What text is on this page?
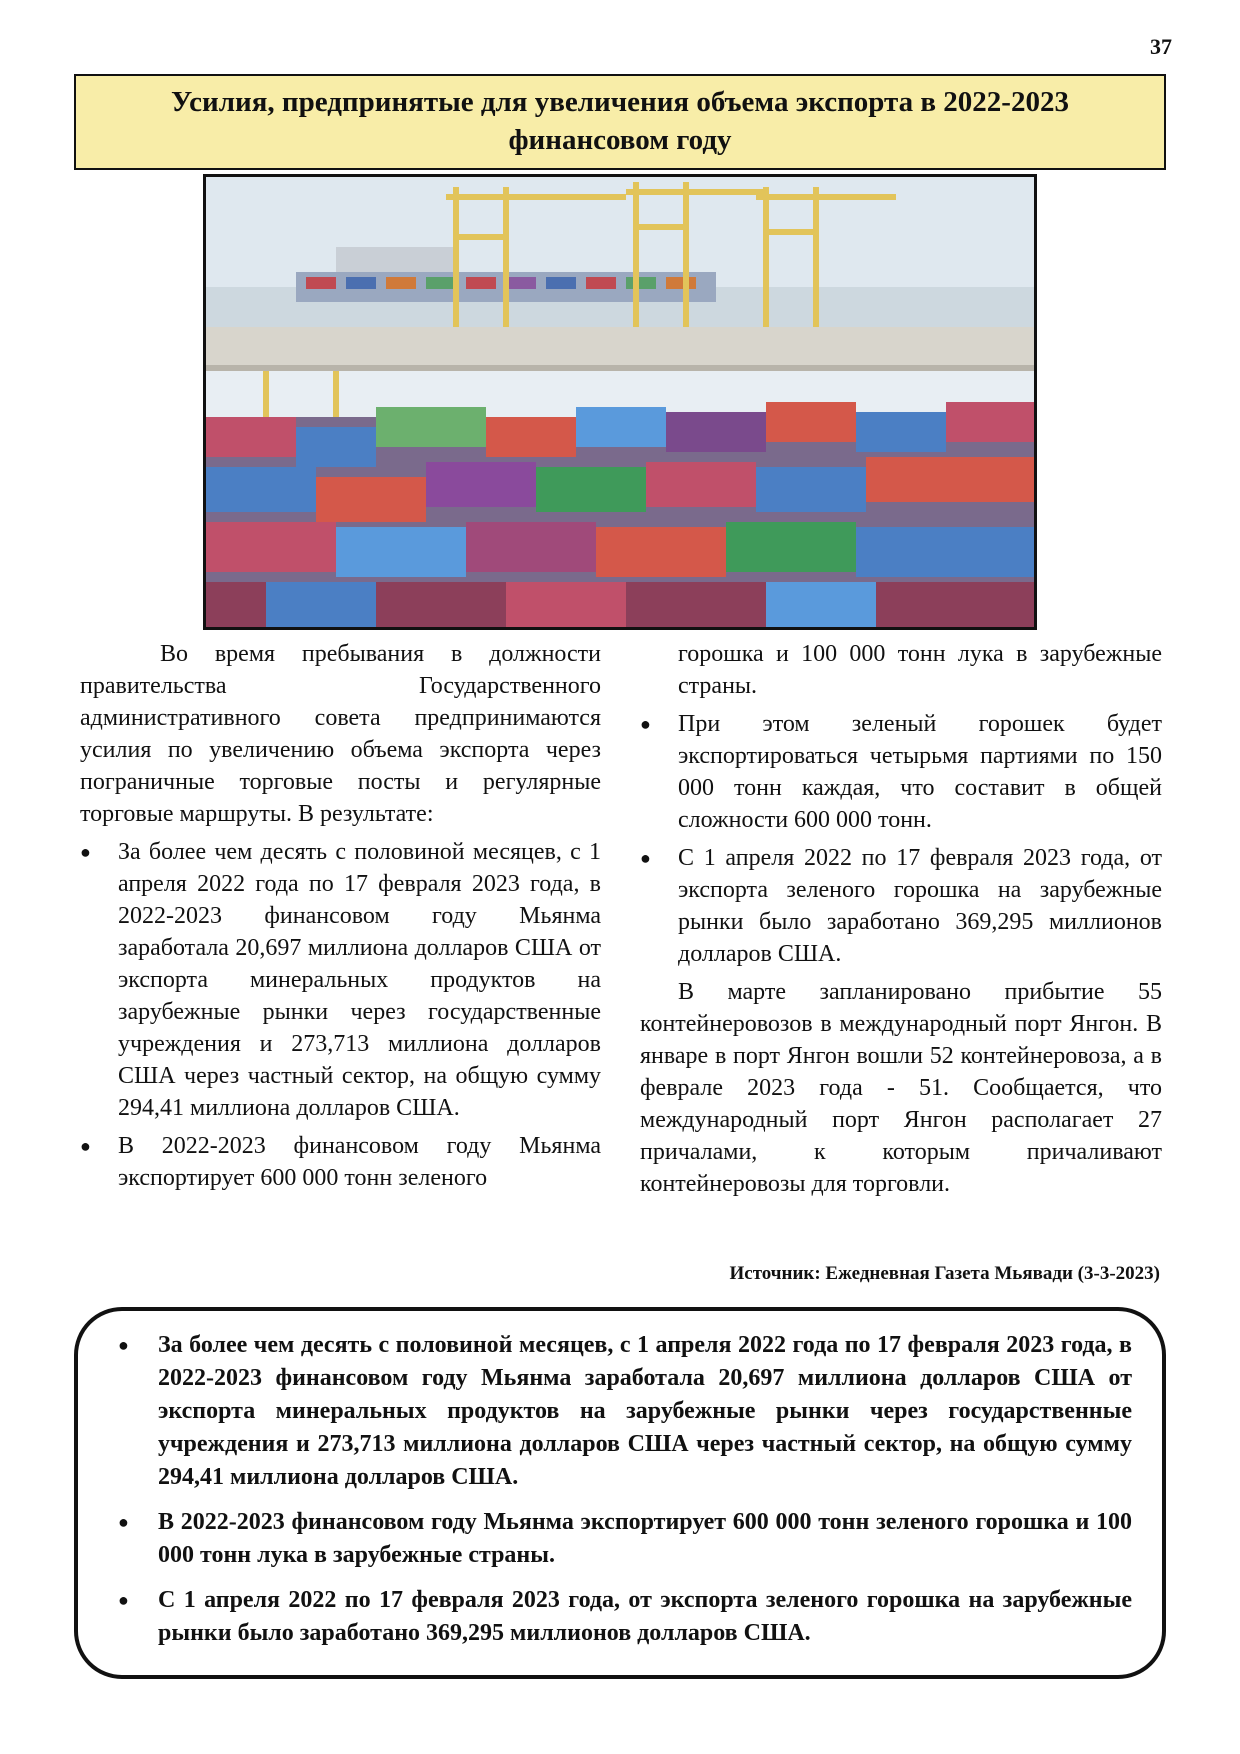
37
Усилия, предпринятые для увеличения объема экспорта в 2022-2023 финансовом году

Во время пребывания в должности правительства Государственного административного совета предпринимаются усилия по увеличению объема экспорта через пограничные торговые посты и регулярные торговые маршруты. В результате:

● За более чем десять с половиной месяцев, с 1 апреля 2022 года по 17 февраля 2023 года, в 2022-2023 финансовом году Мьянма заработала 20,697 миллиона долларов США от экспорта минеральных продуктов на зарубежные рынки через государственные учреждения и 273,713 миллиона долларов США через частный сектор, на общую сумму 294,41 миллиона долларов США.
● В 2022-2023 финансовом году Мьянма экспортирует 600 000 тонн зеленого

горошка и 100 000 тонн лука в зарубежные страны.

● При этом зеленый горошек будет экспортироваться четырьмя партиями по 150 000 тонн каждая, что составит в общей сложности 600 000 тонн.
● С 1 апреля 2022 по 17 февраля 2023 года, от экспорта зеленого горошка на зарубежные рынки было заработано 369,295 миллионов долларов США.

В марте запланировано прибытие 55 контейнеровозов в международный порт Янгон. В январе в порт Янгон вошли 52 контейнеровоза, а в феврале 2023 года - 51. Сообщается, что международный порт Янгон располагает 27 причалами, к которым причаливают контейнеровозы для торговли.

Источник: Ежедневная Газета Мьявади (3-3-2023)
● За более чем десять с половиной месяцев, с 1 апреля 2022 года по 17 февраля 2023 года, в 2022-2023 финансовом году Мьянма заработала 20,697 миллиона долларов США от экспорта минеральных продуктов на зарубежные рынки через государственные учреждения и 273,713 миллиона долларов США через частный сектор, на общую сумму 294,41 миллиона долларов США.
● В 2022-2023 финансовом году Мьянма экспортирует 600 000 тонн зеленого горошка и 100 000 тонн лука в зарубежные страны.
● С 1 апреля 2022 по 17 февраля 2023 года, от экспорта зеленого горошка на зарубежные рынки было заработано 369,295 миллионов долларов США.
